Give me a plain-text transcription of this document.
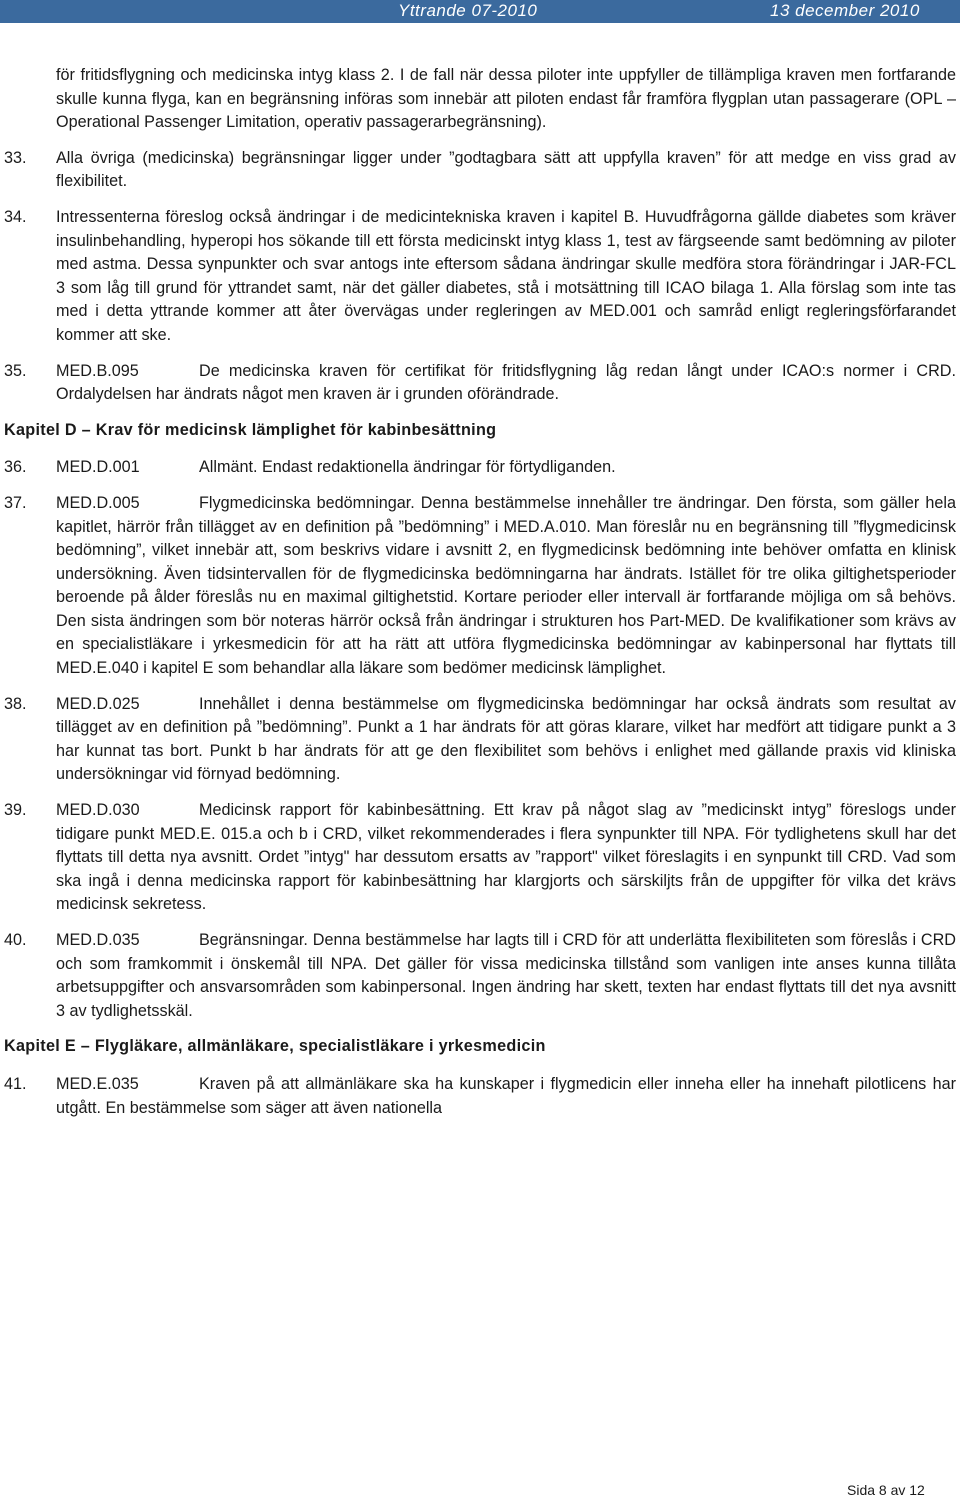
Yttrande 07-2010	13 december 2010

för fritidsflygning och medicinska intyg klass 2. I de fall när dessa piloter inte uppfyller de tillämpliga kraven men fortfarande skulle kunna flyga, kan en begränsning införas som innebär att piloten endast får framföra flygplan utan passagerare (OPL – Operational Passenger Limitation, operativ passagerarbegränsning).

33. Alla övriga (medicinska) begränsningar ligger under ”godtagbara sätt att uppfylla kraven” för att medge en viss grad av flexibilitet.

34. Intressenterna föreslog också ändringar i de medicintekniska kraven i kapitel B. Huvudfrågorna gällde diabetes som kräver insulinbehandling, hyperopi hos sökande till ett första medicinskt intyg klass 1, test av färgseende samt bedömning av piloter med astma. Dessa synpunkter och svar antogs inte eftersom sådana ändringar skulle medföra stora förändringar i JAR-FCL 3 som låg till grund för yttrandet samt, när det gäller diabetes, stå i motsättning till ICAO bilaga 1. Alla förslag som inte tas med i detta yttrande kommer att åter övervägas under regleringen av MED.001 och samråd enligt regleringsförfarandet kommer att ske.

35. MED.B.095	De medicinska kraven för certifikat för fritidsflygning låg redan långt under ICAO:s normer i CRD. Ordalydelsen har ändrats något men kraven är i grunden oförändrade.

Kapitel D – Krav för medicinsk lämplighet för kabinbesättning

36. MED.D.001	Allmänt. Endast redaktionella ändringar för förtydliganden.

37. MED.D.005	Flygmedicinska bedömningar. Denna bestämmelse innehåller tre ändringar. Den första, som gäller hela kapitlet, härrör från tillägget av en definition på ”bedömning” i MED.A.010. Man föreslår nu en begränsning till ”flygmedicinsk bedömning”, vilket innebär att, som beskrivs vidare i avsnitt 2, en flygmedicinsk bedömning inte behöver omfatta en klinisk undersökning. Även tidsintervallen för de flygmedicinska bedömningarna har ändrats. Istället för tre olika giltighetsperioder beroende på ålder föreslås nu en maximal giltighetstid. Kortare perioder eller intervall är fortfarande möjliga om så behövs. Den sista ändringen som bör noteras härrör också från ändringar i strukturen hos Part-MED. De kvalifikationer som krävs av en specialistläkare i yrkesmedicin för att ha rätt att utföra flygmedicinska bedömningar av kabinpersonal har flyttats till MED.E.040 i kapitel E som behandlar alla läkare som bedömer medicinsk lämplighet.

38. MED.D.025	Innehållet i denna bestämmelse om flygmedicinska bedömningar har också ändrats som resultat av tillägget av en definition på ”bedömning”. Punkt a 1 har ändrats för att göras klarare, vilket har medfört att tidigare punkt a 3 har kunnat tas bort. Punkt b har ändrats för att ge den flexibilitet som behövs i enlighet med gällande praxis vid kliniska undersökningar vid förnyad bedömning.

39. MED.D.030	Medicinsk rapport för kabinbesättning. Ett krav på något slag av ”medicinskt intyg” föreslogs under tidigare punkt MED.E. 015.a och b i CRD, vilket rekommenderades i flera synpunkter till NPA. För tydlighetens skull har det flyttats till detta nya avsnitt. Ordet ”intyg" har dessutom ersatts av ”rapport" vilket föreslagits i en synpunkt till CRD. Vad som ska ingå i denna medicinska rapport för kabinbesättning har klargjorts och särskiljts från de uppgifter för vilka det krävs medicinsk sekretess.

40. MED.D.035	Begränsningar. Denna bestämmelse har lagts till i CRD för att underlätta flexibiliteten som föreslås i CRD och som framkommit i önskemål till NPA. Det gäller för vissa medicinska tillstånd som vanligen inte anses kunna tillåta arbetsuppgifter och ansvarsområden som kabinpersonal. Ingen ändring har skett, texten har endast flyttats till det nya avsnitt 3 av tydlighetsskäl.

Kapitel E – Flygläkare, allmänläkare, specialistläkare i yrkesmedicin

41. MED.E.035	Kraven på att allmänläkare ska ha kunskaper i flygmedicin eller inneha eller ha innehaft pilotlicens har utgått. En bestämmelse som säger att även nationella

Sida 8 av 12
